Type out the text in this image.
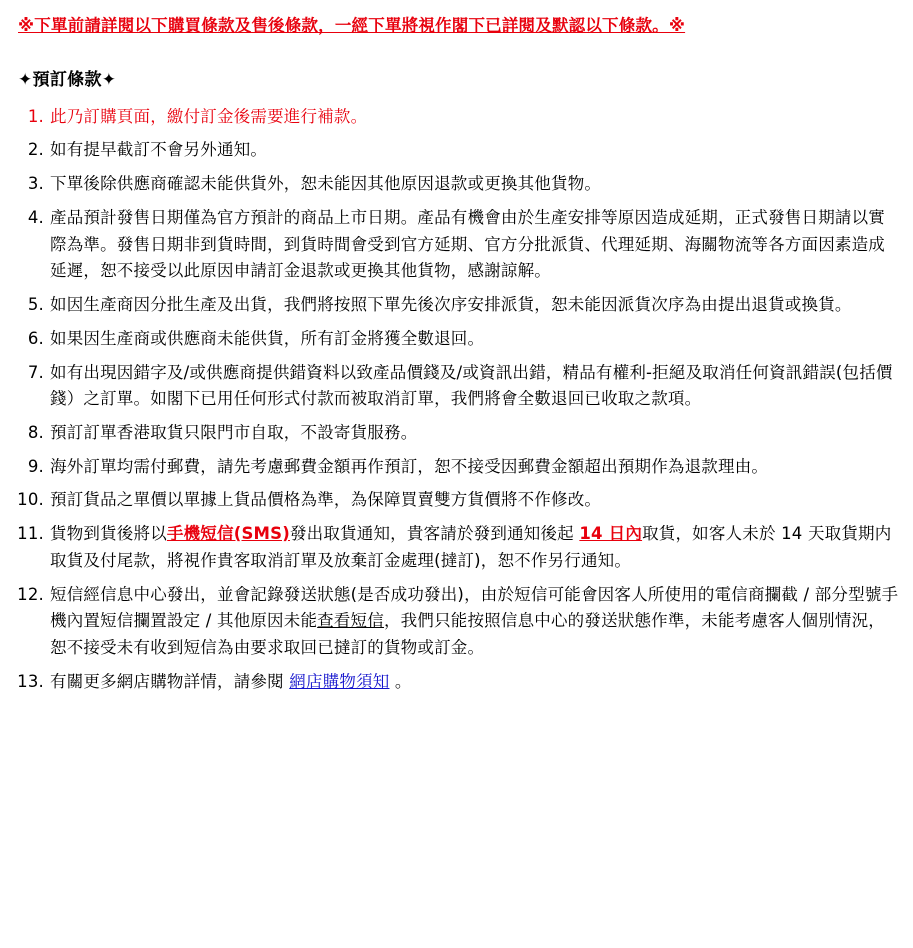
※下單前請詳閱以下購買條款及售後條款，一經下單將視作閣下已詳閱及默認以下條款。※
✦預訂條款✦
此乃訂購頁面，繳付訂金後需要進行補款。
如有提早截訂不會另外通知。
下單後除供應商確認未能供貨外，恕未能因其他原因退款或更換其他貨物。
產品預計發售日期僅為官方預計的商品上市日期。產品有機會由於生產安排等原因造成延期，正式發售日期請以實際為準。發售日期非到貨時間，到貨時間會受到官方延期、官方分批派貨、代理延期、海關物流等各方面因素造成延遲，恕不接受以此原因申請訂金退款或更換其他貨物，感謝諒解。
如因生產商因分批生產及出貨，我們將按照下單先後次序安排派貨，恕未能因派貨次序為由提出退貨或換貨。
如果因生產商或供應商未能供貨，所有訂金將獲全數退回。
如有出現因錯字及/或供應商提供錯資料以致產品價錢及/或資訊出錯，精品有權利-拒絕及取消任何資訊錯誤(包括價錢）之訂單。如閣下已用任何形式付款而被取消訂單，我們將會全數退回已收取之款項。
預訂訂單香港取貨只限門市自取，不設寄貨服務。
海外訂單均需付郵費，請先考慮郵費金額再作預訂，恕不接受因郵費金額超出預期作為退款理由。
預訂貨品之單價以單據上貨品價格為準，為保障買賣雙方貨價將不作修改。
貨物到貨後將以手機短信(SMS)發出取貨通知，貴客請於發到通知後起 14 日內取貨，如客人未於 14 天取貨期内取貨及付尾款，將視作貴客取消訂單及放棄訂金處理(撻訂)，恕不作另行通知。
短信經信息中心發出，並會記錄發送狀態(是否成功發出)，由於短信可能會因客人所使用的電信商攔截 / 部分型號手機內置短信攔置設定 / 其他原因未能查看短信，我們只能按照信息中心的發送狀態作準，未能考慮客人個別情況，恕不接受未有收到短信為由要求取回已撻訂的貨物或訂金。
有關更多網店購物詳情，請參閱 網店購物須知 。
